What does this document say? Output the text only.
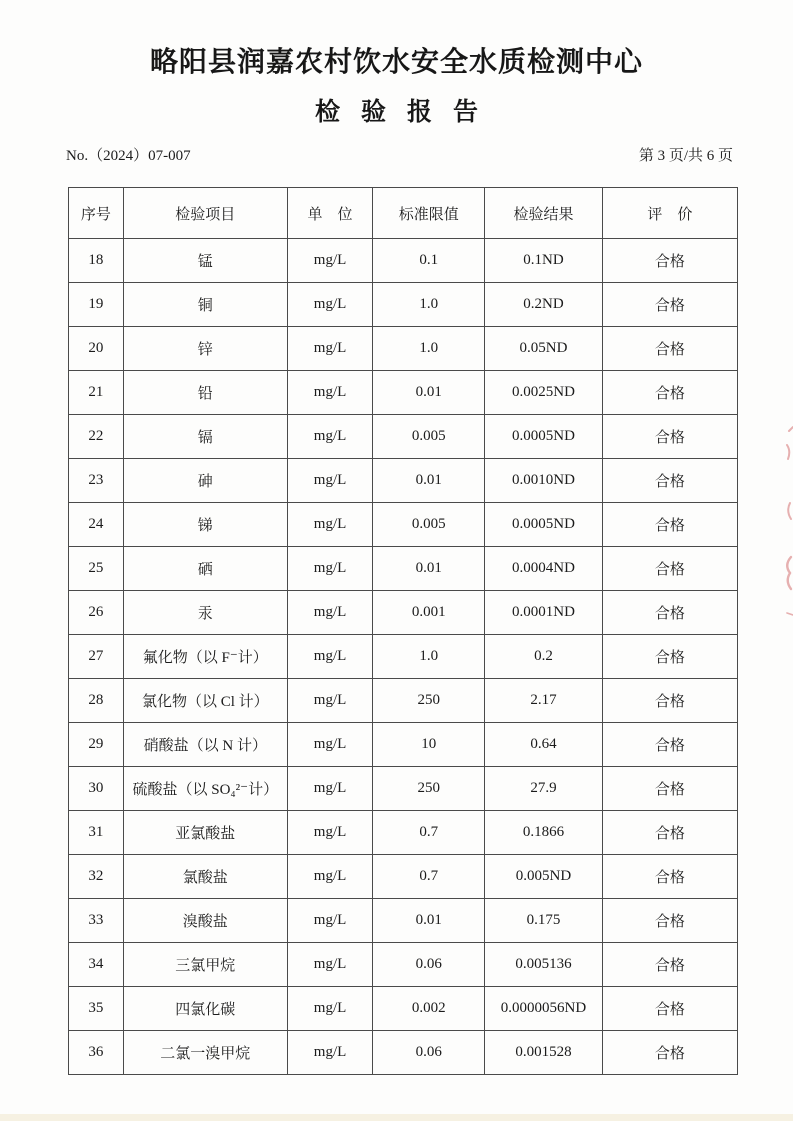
略阳县润嘉农村饮水安全水质检测中心
检验报告
No.（2024）07-007	第 3 页/共 6 页
序号	检验项目	单　位	标准限值	检验结果	评　价
18	锰	mg/L	0.1	0.1ND	合格
19	铜	mg/L	1.0	0.2ND	合格
20	锌	mg/L	1.0	0.05ND	合格
21	铅	mg/L	0.01	0.0025ND	合格
22	镉	mg/L	0.005	0.0005ND	合格
23	砷	mg/L	0.01	0.0010ND	合格
24	锑	mg/L	0.005	0.0005ND	合格
25	硒	mg/L	0.01	0.0004ND	合格
26	汞	mg/L	0.001	0.0001ND	合格
27	氟化物（以 F⁻计）	mg/L	1.0	0.2	合格
28	氯化物（以 Cl 计）	mg/L	250	2.17	合格
29	硝酸盐（以 N 计）	mg/L	10	0.64	合格
30	硫酸盐（以 SO₄²⁻计）	mg/L	250	27.9	合格
31	亚氯酸盐	mg/L	0.7	0.1866	合格
32	氯酸盐	mg/L	0.7	0.005ND	合格
33	溴酸盐	mg/L	0.01	0.175	合格
34	三氯甲烷	mg/L	0.06	0.005136	合格
35	四氯化碳	mg/L	0.002	0.0000056ND	合格
36	二氯一溴甲烷	mg/L	0.06	0.001528	合格
